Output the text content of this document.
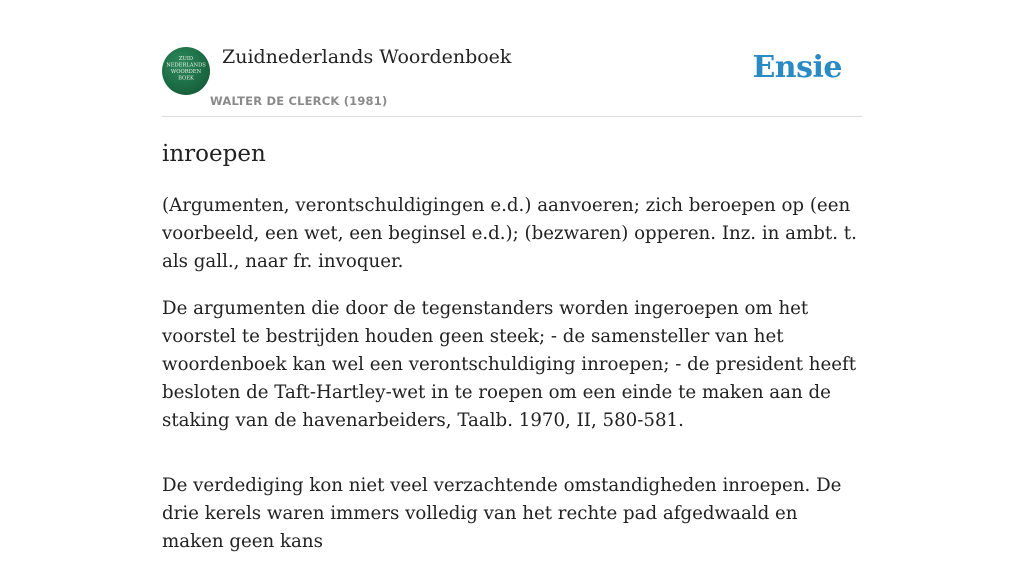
ZUID
NEDERLANDS
WOORDEN
BOEK
Zuidnederlands Woordenboek
WALTER DE CLERCK (1981)
Ensie
inroepen

(Argumenten, verontschuldigingen e.d.) aanvoeren; zich beroepen op (een voorbeeld, een wet, een beginsel e.d.); (bezwaren) opperen. Inz. in ambt. t. als gall., naar fr. invoquer.

De argumenten die door de tegenstanders worden ingeroepen om het voorstel te bestrijden houden geen steek; - de samensteller van het woordenboek kan wel een verontschuldiging inroepen; - de president heeft besloten de Taft-Hartley-wet in te roepen om een einde te maken aan de staking van de havenarbeiders, Taalb. 1970, II, 580-581.

De verdediging kon niet veel verzachtende omstandigheden inroepen. De drie kerels waren immers volledig van het rechte pad afgedwaald en maken geen kans
